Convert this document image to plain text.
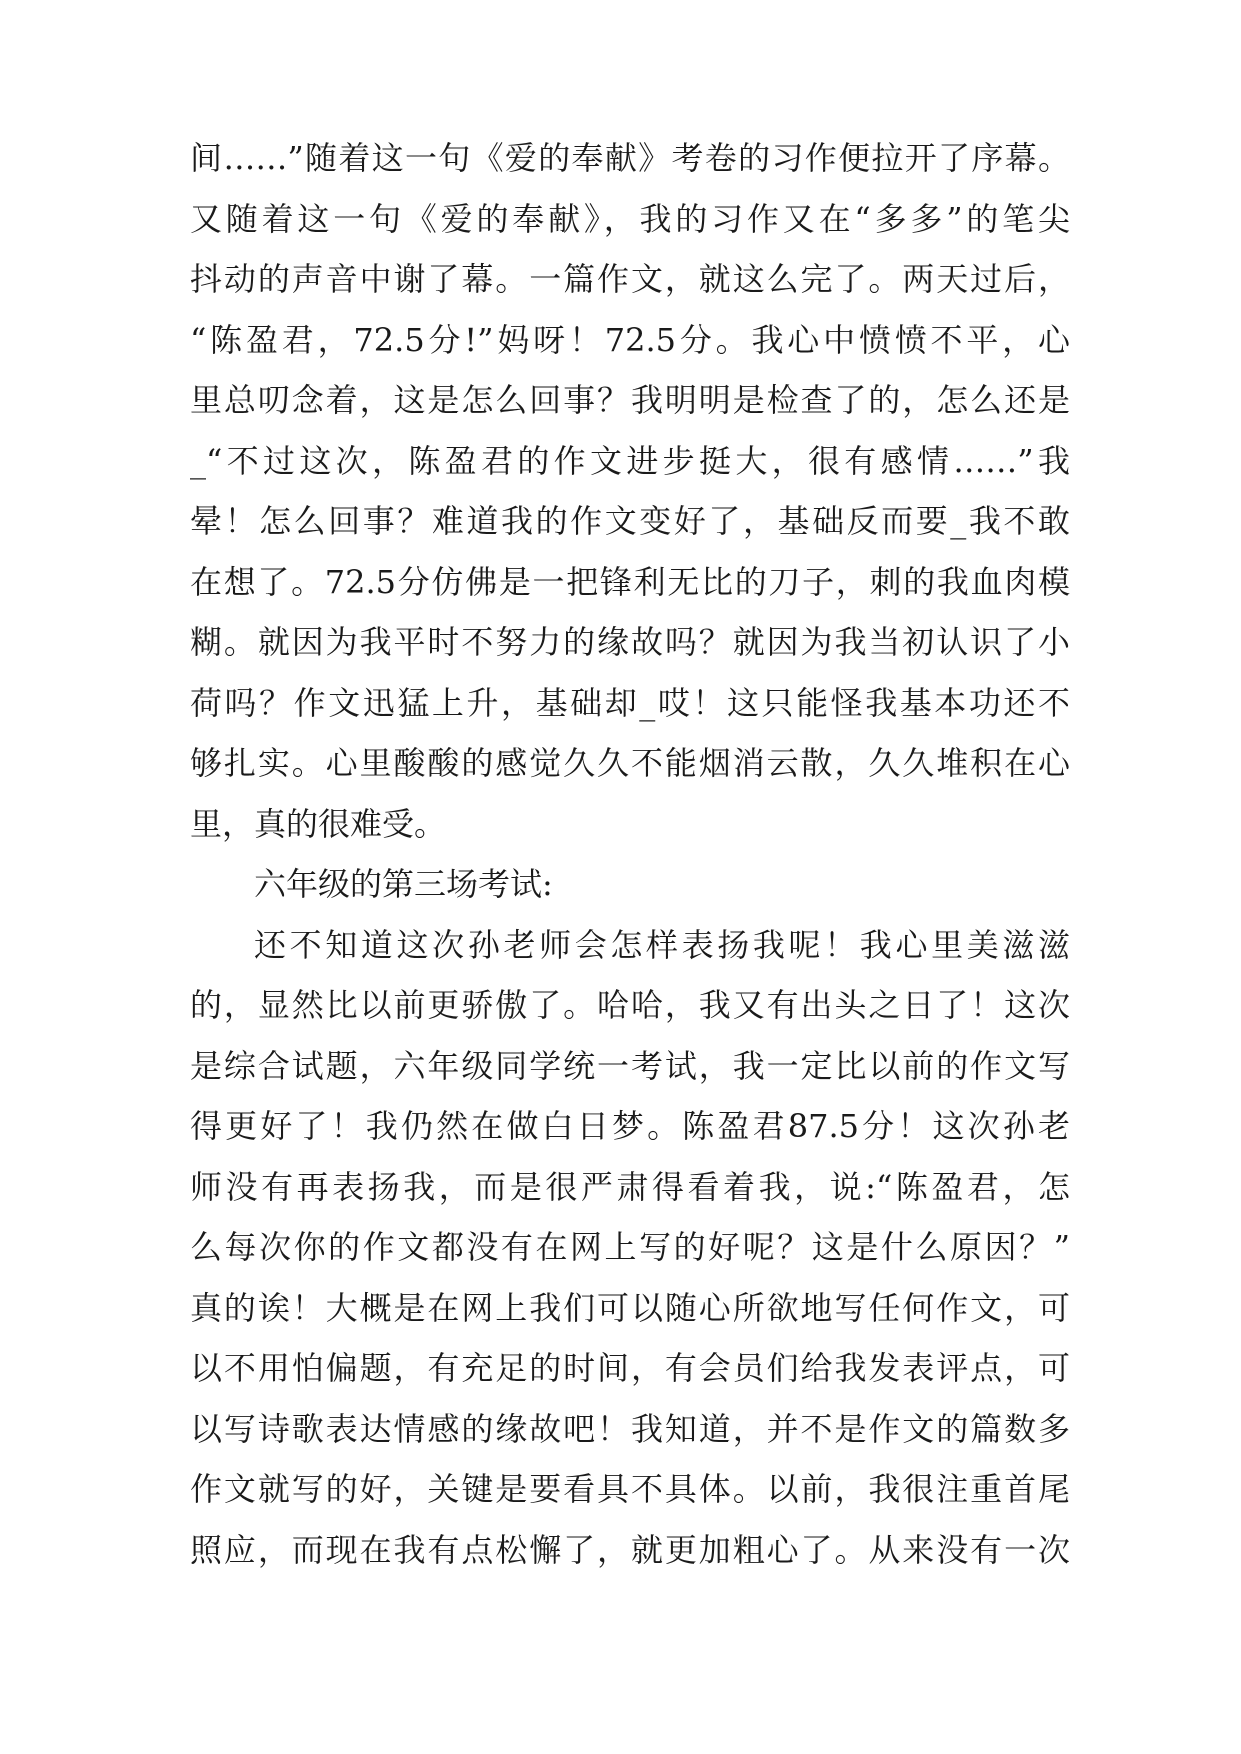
间……”随着这一句《爱的奉献》考卷的习作便拉开了序幕。
又随着这一句《爱的奉献》，我的习作又在“多多”的笔尖
抖动的声音中谢了幕。一篇作文，就这么完了。两天过后，
“陈盈君，72.5分!”妈呀！72.5分。我心中愤愤不平，心
里总叨念着，这是怎么回事？我明明是检查了的，怎么还是
_“不过这次，陈盈君的作文进步挺大，很有感情……”我
晕！怎么回事？难道我的作文变好了，基础反而要_我不敢
在想了。72.5分仿佛是一把锋利无比的刀子，刺的我血肉模
糊。就因为我平时不努力的缘故吗？就因为我当初认识了小
荷吗？作文迅猛上升，基础却_哎！这只能怪我基本功还不
够扎实。心里酸酸的感觉久久不能烟消云散，久久堆积在心
里，真的很难受。
六年级的第三场考试:
还不知道这次孙老师会怎样表扬我呢！我心里美滋滋
的，显然比以前更骄傲了。哈哈，我又有出头之日了！这次
是综合试题，六年级同学统一考试，我一定比以前的作文写
得更好了！我仍然在做白日梦。陈盈君87.5分！这次孙老
师没有再表扬我，而是很严肃得看着我，说:“陈盈君，怎
么每次你的作文都没有在网上写的好呢？这是什么原因？”
真的诶！大概是在网上我们可以随心所欲地写任何作文，可
以不用怕偏题，有充足的时间，有会员们给我发表评点，可
以写诗歌表达情感的缘故吧！我知道，并不是作文的篇数多
作文就写的好，关键是要看具不具体。以前，我很注重首尾
照应，而现在我有点松懈了，就更加粗心了。从来没有一次
